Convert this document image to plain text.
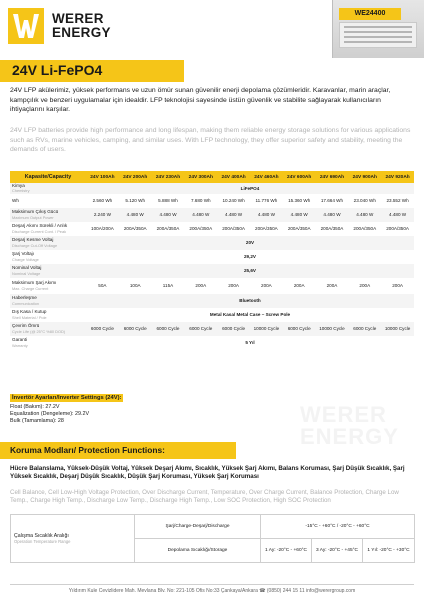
WERER
ENERGY
WE24400
24V Li-FePO4

24V LFP akülerimiz, yüksek performans ve uzun ömür sunan güvenilir enerji depolama çözümleridir. Karavanlar, marin araçlar, kampçılık ve benzeri uygulamalar için idealdir. LFP teknolojisi sayesinde üstün güvenlik ve stabilite sağlayarak kullanıcıların ihtiyaçlarını karşılar.

24V LFP batteries provide high performance and long lifespan, making them reliable energy storage solutions for various applications such as RVs, marine vehicles, camping, and similar uses. With LFP technology, they offer superior safety and stability, meeting the demands of users.

Kapasite/Capacity	24V 100Ah	24V 200Ah	24V 230Ah	24V 300Ah	24V 400Ah	24V 460Ah	24V 600Ah	24V 690Ah	24V 900Ah	24V 920Ah
Kimya
Chemistry	LiFePO4									
Wh	2.560 Wh	5.120 Wh	5.888 Wh	7.680 Wh	10.240 Wh	11.776 Wh	15.360 Wh	17.664 Wh	23.040 Wh	23.552 Wh
Maksimum Çıkış Gücü
Maximum Output Power	2.240 W	4.480 W	4.480 W	4.480 W	4.480 W	4.480 W	4.480 W	4.480 W	4.480 W	4.480 W
Deşarj Akımı Sürekli / Anlık
Discharge Current Cont. / Peak	100A/200A	200A/350A	200A/350A	200A/350A	200A/350A	200A/350A	200A/350A	200A/350A	200A/350A	200A/350A
Deşarj Kesme Voltaj
Discharge Cut-Off Voltage	20V									
Şarj Voltajı
Charge Voltage	29,2V									
Nominal Voltaj
Nominal Voltage	25,6V									
Maksimum Şarj Akımı
Max. Charge Current	50A	100A	115A	200A	200A	200A	200A	200A	200A	200A
Haberleşme
Communication	Bluetooth									
Dış Kasa / Kutup
Shell Material / Pole	Metal Kasa/ Metal Case – Screw Pole									
Çevrim Ömrü
Cycle Life (@ 25°C %80 DOD)	6000 Cycle	6000 Cycle	6000 Cycle	6000 Cycle	6000 Cycle	10000 Cycle	6000 Cycle	10000 Cycle	6000 Cycle	10000 Cycle
Garanti
Warranty	5 Yıl									
İnvertör Ayarları/Inverter Settings (24V):
Float (Bakım): 27.2V
Equalization (Dengeleme): 29.2V
Bulk (Tamamlama): 28	WERER ENERGY
Koruma Modları/ Protection Functions:

Hücre Balanslama, Yüksek-Düşük Voltaj, Yüksek Deşarj Akımı, Sıcaklık, Yüksek Şarj Akımı, Balans Koruması, Şarj Düşük Sıcaklık, Şarj Yüksek Sıcaklık, Deşarj Düşük Sıcaklık, Düşük Şarj Koruması, Yüksek Şarj Koruması

Cell Balance, Cell Low-High Voltage Protection, Over Discharge Current, Temperature, Over Charge Current, Balance Protection, Charge Low Temp., Charge High Temp., Discharge Low Temp., Discharge High Temp., Low SOC Protection, High SOC Protection

Çalışma Sıcaklık Aralığı
Operation Temperature Range	Şarj/Charge-Deşarj/Discharge	-15°C - +60°C / -20°C - +60°C		
	Depolama Sıcaklığı/Storage	1 Ay: -20°C - +60°C	3 Ay: -20°C - +45°C	1 Yıl: -20°C - +30°C
Yıldırım Kule Cevizlidere Mah. Mevlana Blv. No: 221-105 Ofis No:33 Çankaya/Ankara ☎ (0850) 244 15 11 info@werergroup.com
